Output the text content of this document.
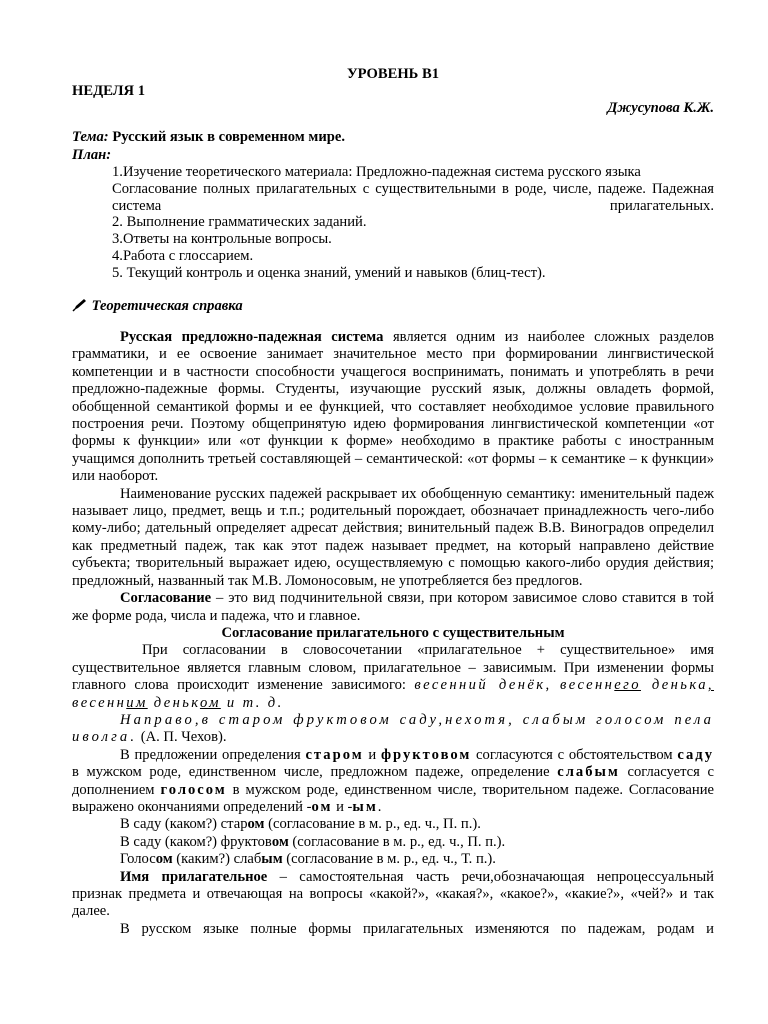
УРОВЕНЬ В1

НЕДЕЛЯ 1

Джусупова К.Ж.

Тема: Русский язык в современном мире.

План:

1.Изучение теоретического материала: Предложно-падежная система русского языка

Согласование полных прилагательных с существительными в роде, числе, падеже. Падежная система прилагательных.

2. Выполнение грамматических заданий.

3.Ответы на контрольные вопросы.

4.Работа с глоссарием.

5. Текущий контроль и оценка знаний, умений и навыков (блиц-тест).

Теоретическая справка

Русская предложно-падежная система является одним из наиболее сложных разделов грамматики, и ее освоение занимает значительное место при формировании лингвистической компетенции и в частности способности учащегося воспринимать, понимать и употреблять в речи предложно-падежные формы. Студенты, изучающие русский язык, должны овладеть формой, обобщенной семантикой формы и ее функцией, что составляет необходимое условие правильного построения речи. Поэтому общепринятую идею формирования лингвистической компетенции «от формы к функции» или «от функции к форме» необходимо в практике работы с иностранным учащимся дополнить третьей составляющей – семантической: «от формы – к семантике – к функции» или наоборот.

Наименование русских падежей раскрывает их обобщенную семантику: именительный падеж называет лицо, предмет, вещь и т.п.; родительный порождает, обозначает принадлежность чего-либо кому-либо; дательный определяет адресат действия; винительный падеж В.В. Виноградов определил как предметный падеж, так как этот падеж называет предмет, на который направлено действие субъекта; творительный выражает идею, осуществляемую с помощью какого-либо орудия действия; предложный, названный так М.В. Ломоносовым, не употребляется без предлогов.

Согласование – это вид подчинительной связи, при котором зависимое слово ставится в той же форме рода, числа и падежа, что и главное.

Согласование прилагательного с существительным

При согласовании в словосочетании «прилагательное + существительное» имя существительное является главным словом, прилагательное – зависимым. При изменении формы главного слова происходит изменение зависимого: весенний денёк, весеннего денька, весенним деньком и т. д.

Направо,в старом фруктовом саду,нехотя, слабым голосом пела иволга. (А. П. Чехов).

В предложении определения старом и фруктовом согласуются с обстоятельством саду в мужском роде, единственном числе, предложном падеже, определение слабым согласуется с дополнением голосом в мужском роде, единственном числе, творительном падеже. Согласование выражено окончаниями определений -ом и -ым.

В саду (каком?) старом (согласование в м. р., ед. ч., П. п.).

В саду (каком?) фруктовом (согласование в м. р., ед. ч., П. п.).

Голосом (каким?) слабым (согласование в м. р., ед. ч., Т. п.).

Имя прилагательное – самостоятельная часть речи,обозначающая непроцессуальный признак предмета и отвечающая на вопросы «какой?», «какая?», «какое?», «какие?», «чей?» и так далее.

В русском языке полные формы прилагательных изменяются по падежам, родам и
